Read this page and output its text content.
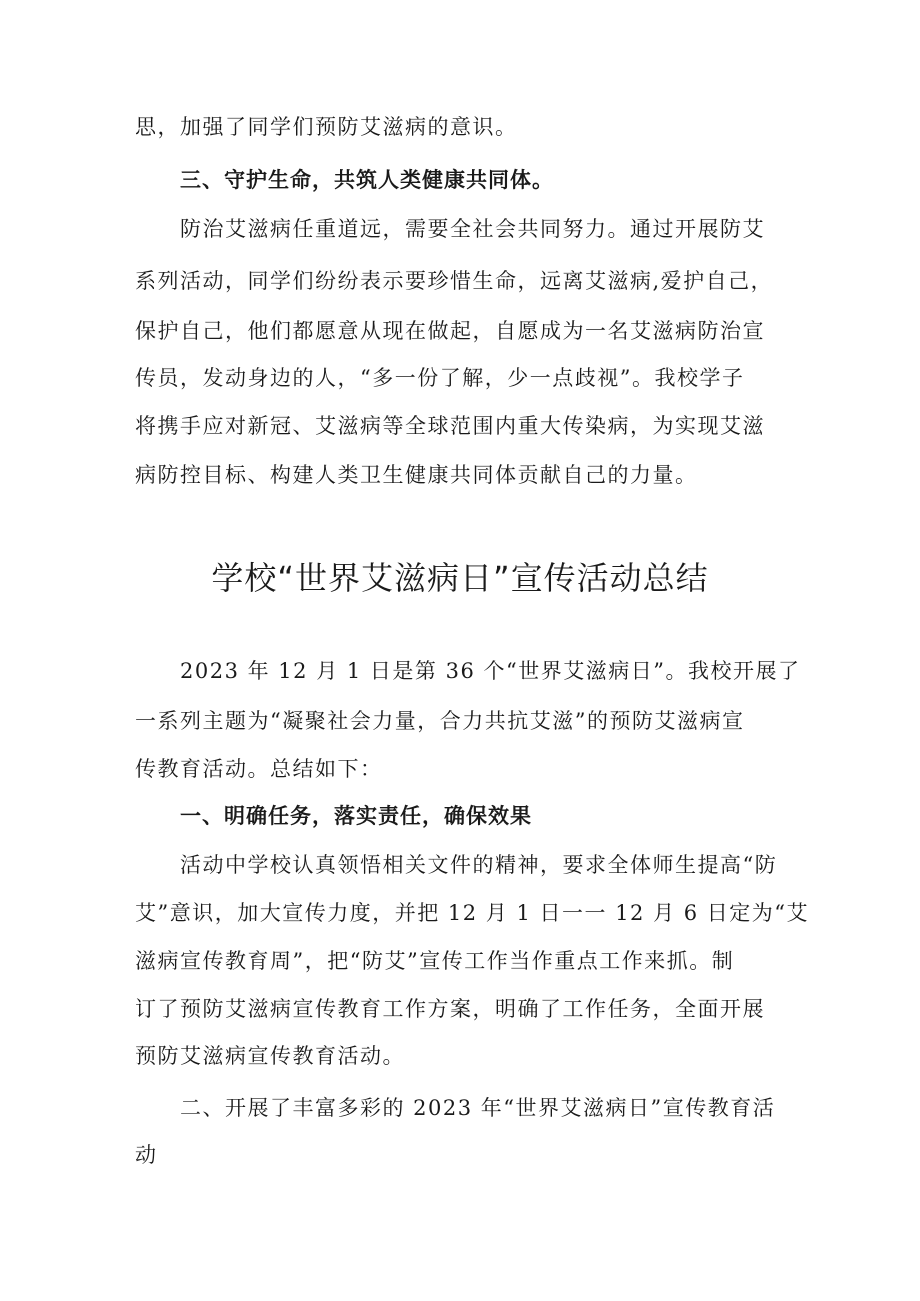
思，加强了同学们预防艾滋病的意识。
三、守护生命，共筑人类健康共同体。
防治艾滋病任重道远，需要全社会共同努力。通过开展防艾
系列活动，同学们纷纷表示要珍惜生命，远离艾滋病,爱护自己，
保护自己，他们都愿意从现在做起，自愿成为一名艾滋病防治宣
传员，发动身边的人，“多一份了解，少一点歧视”。我校学子
将携手应对新冠、艾滋病等全球范围内重大传染病，为实现艾滋
病防控目标、构建人类卫生健康共同体贡献自己的力量。
学校“世界艾滋病日”宣传活动总结
2023 年 12 月 1 日是第 36 个“世界艾滋病日”。我校开展了
一系列主题为“凝聚社会力量，合力共抗艾滋”的预防艾滋病宣
传教育活动。总结如下：
一、明确任务，落实责任，确保效果
活动中学校认真领悟相关文件的精神，要求全体师生提高“防
艾”意识，加大宣传力度，并把 12 月 1 日一一 12 月 6 日定为“艾
滋病宣传教育周”，把“防艾”宣传工作当作重点工作来抓。制
订了预防艾滋病宣传教育工作方案，明确了工作任务，全面开展
预防艾滋病宣传教育活动。
二、开展了丰富多彩的 2023 年“世界艾滋病日”宣传教育活
动
